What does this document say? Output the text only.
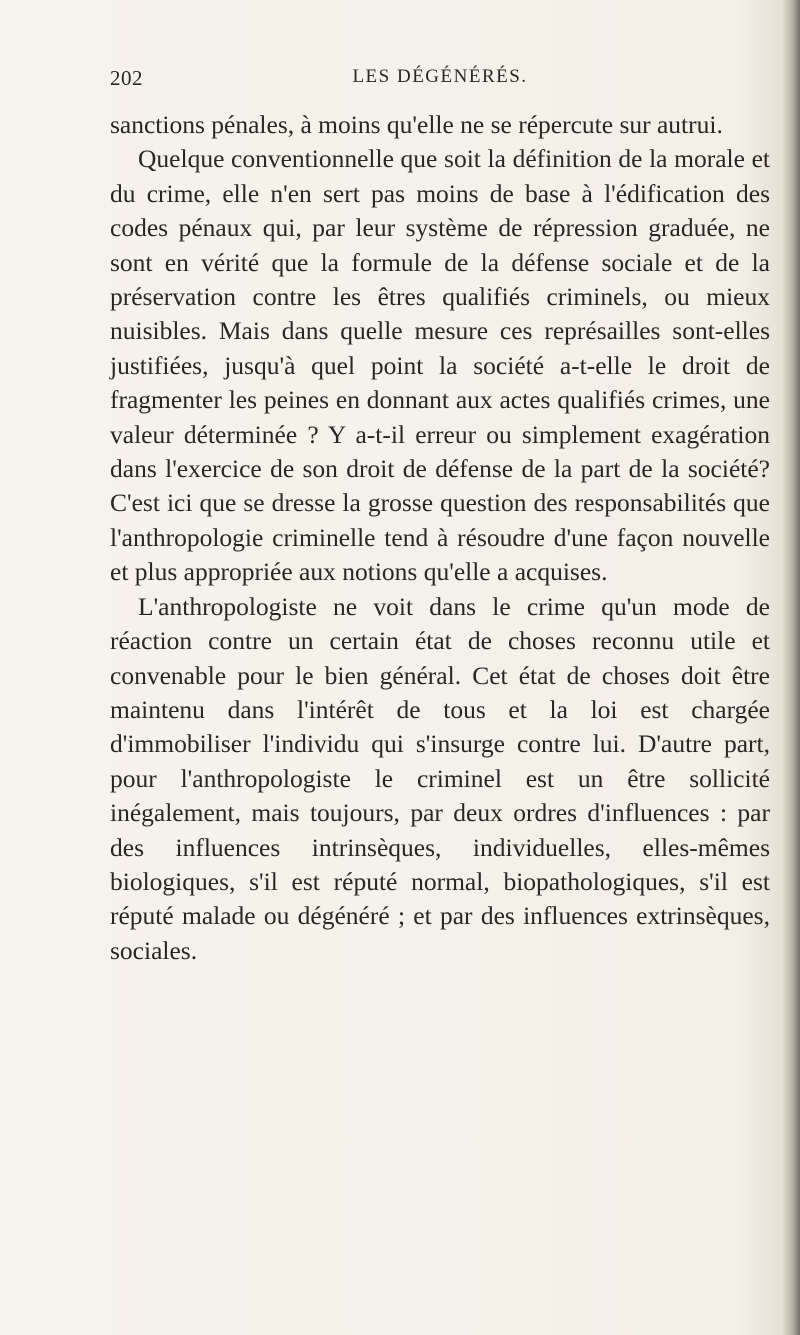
202	LES DÉGÉNÉRÉS.

sanctions pénales, à moins qu'elle ne se répercute sur autrui.

Quelque conventionnelle que soit la définition de la morale et du crime, elle n'en sert pas moins de base à l'édification des codes pénaux qui, par leur système de répression graduée, ne sont en vérité que la formule de la défense sociale et de la préservation contre les êtres qualifiés criminels, ou mieux nuisibles. Mais dans quelle mesure ces représailles sont-elles justifiées, jusqu'à quel point la société a-t-elle le droit de fragmenter les peines en donnant aux actes qualifiés crimes, une valeur déterminée ? Y a-t-il erreur ou simplement exagération dans l'exercice de son droit de défense de la part de la société? C'est ici que se dresse la grosse question des responsabilités que l'anthropologie criminelle tend à résoudre d'une façon nouvelle et plus appropriée aux notions qu'elle a acquises.

L'anthropologiste ne voit dans le crime qu'un mode de réaction contre un certain état de choses reconnu utile et convenable pour le bien général. Cet état de choses doit être maintenu dans l'intérêt de tous et la loi est chargée d'immobiliser l'individu qui s'insurge contre lui. D'autre part, pour l'anthropologiste le criminel est un être sollicité inégalement, mais toujours, par deux ordres d'influences : par des influences intrinsèques, individuelles, elles-mêmes biologiques, s'il est réputé normal, biopathologiques, s'il est réputé malade ou dégénéré ; et par des influences extrinsèques, sociales.
